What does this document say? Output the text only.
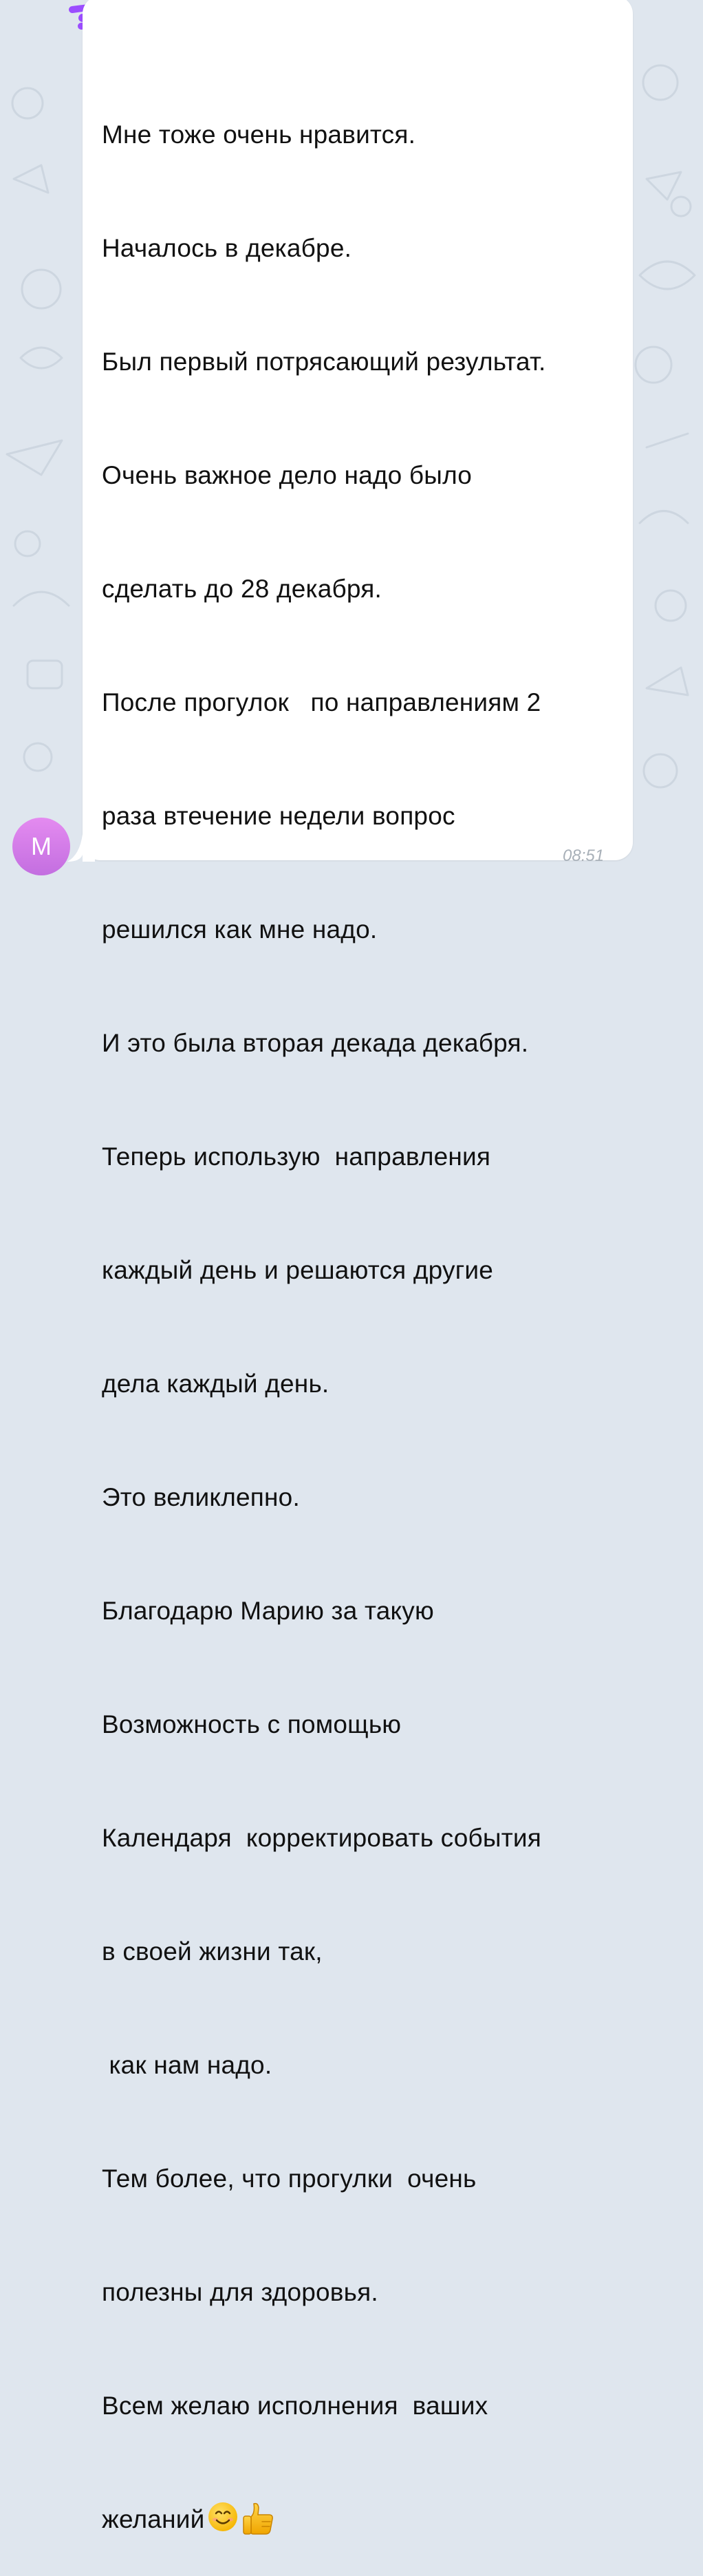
Мне тоже очень нравится.

Началось в декабре.

Был первый потрясающий результат.

Очень важное дело надо было

сделать до 28 декабря.

После прогулок   по направлениям 2

раза втечение недели вопрос

решился как мне надо.

И это была вторая декада декабря.

Теперь использую  направления

каждый день и решаются другие

дела каждый день.

Это великлепно.

Благодарю Марию за такую

Возможность с помощью

Календаря  корректировать события

в своей жизни так,

как нам надо.

Тем более, что прогулки  очень

полезны для здоровья.

Всем желаю исполнения  ваших

желаний

08:51
M
